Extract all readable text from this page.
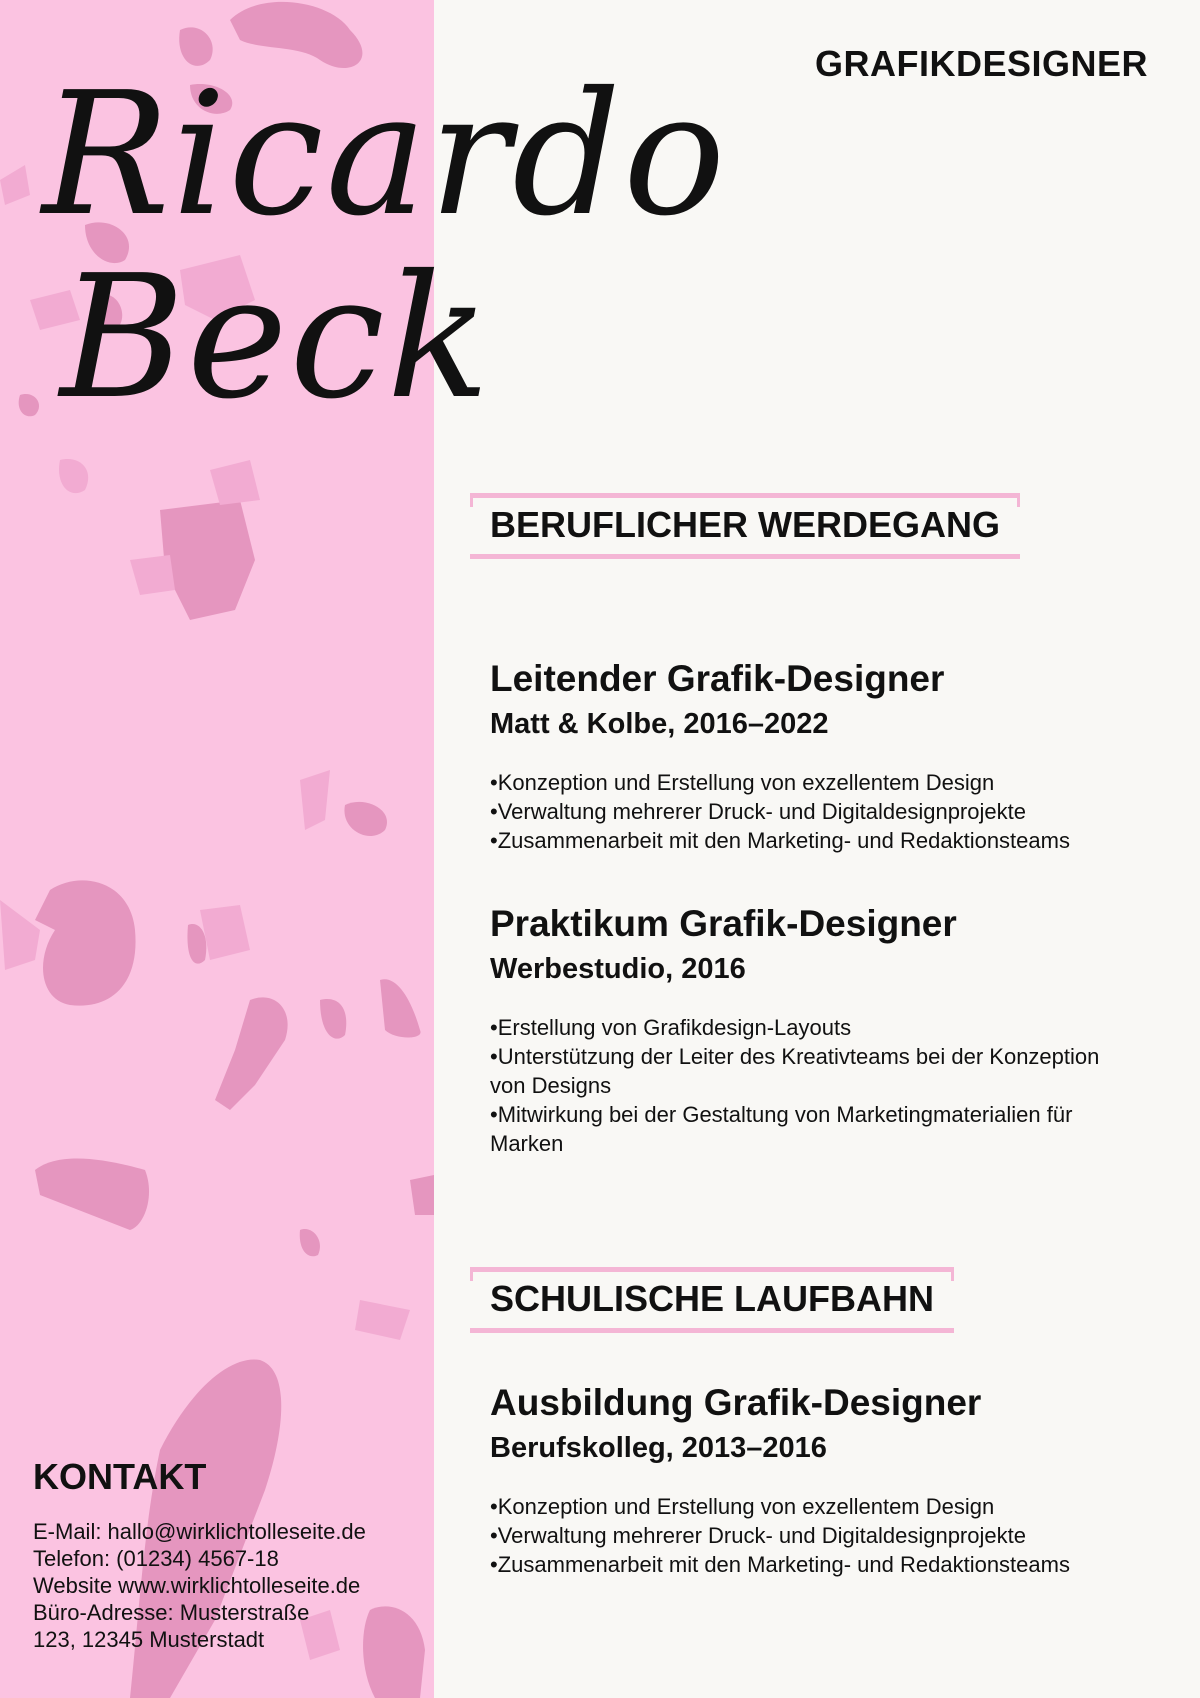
Ricardo
Beck
GRAFIKDESIGNER
BERUFLICHER WERDEGANG
Leitender Grafik-Designer
Matt & Kolbe, 2016–2022
• Konzeption und Erstellung von exzellentem Design
• Verwaltung mehrerer Druck- und Digitaldesignprojekte
• Zusammenarbeit mit den Marketing- und Redaktionsteams
Praktikum Grafik-Designer
Werbestudio, 2016
• Erstellung von Grafikdesign-Layouts
• Unterstützung der Leiter des Kreativteams bei der Konzeption von Designs
• Mitwirkung bei der Gestaltung von Marketingmaterialien für Marken
SCHULISCHE LAUFBAHN
Ausbildung Grafik-Designer
Berufskolleg, 2013–2016
• Konzeption und Erstellung von exzellentem Design
• Verwaltung mehrerer Druck- und Digitaldesignprojekte
• Zusammenarbeit mit den Marketing- und Redaktionsteams
KONTAKT
E-Mail: hallo@wirklichtolleseite.de
Telefon: (01234) 4567-18
Website www.wirklichtolleseite.de
Büro-Adresse: Musterstraße
123, 12345 Musterstadt
